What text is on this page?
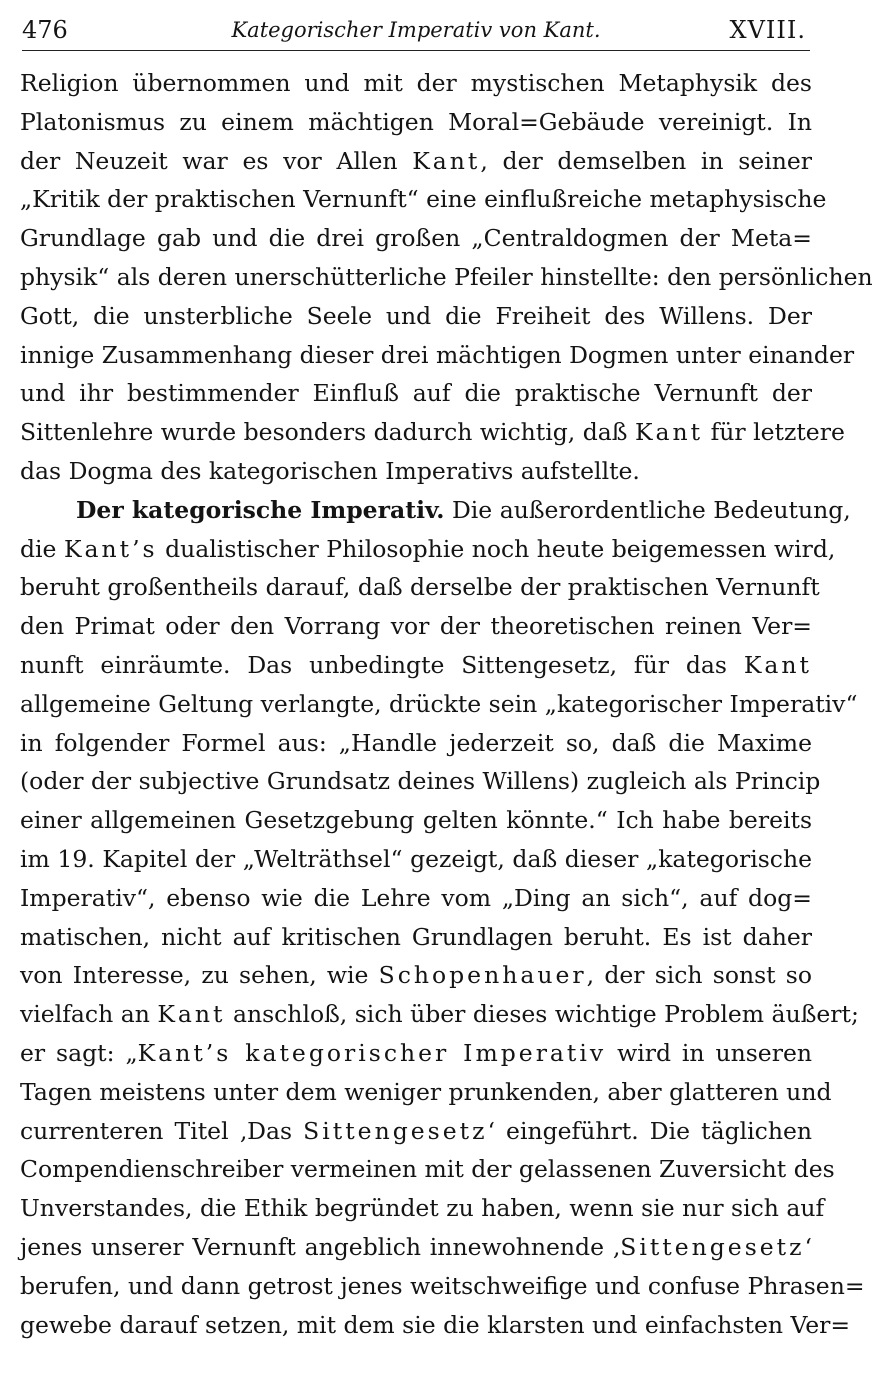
476	Kategorischer Imperativ von Kant.	XVIII.
Religion übernommen und mit der mystischen Metaphysik des
Platonismus zu einem mächtigen Moral=Gebäude vereinigt. In
der Neuzeit war es vor Allen Kant, der demselben in seiner
„Kritik der praktischen Vernunft“ eine einflußreiche metaphysische
Grundlage gab und die drei großen „Centraldogmen der Meta=
physik“ als deren unerschütterliche Pfeiler hinstellte: den persönlichen
Gott, die unsterbliche Seele und die Freiheit des Willens. Der
innige Zusammenhang dieser drei mächtigen Dogmen unter einander
und ihr bestimmender Einfluß auf die praktische Vernunft der
Sittenlehre wurde besonders dadurch wichtig, daß Kant für letztere
das Dogma des kategorischen Imperativs aufstellte.
Der kategorische Imperativ. Die außerordentliche Bedeutung,
die Kant’s dualistischer Philosophie noch heute beigemessen wird,
beruht großentheils darauf, daß derselbe der praktischen Vernunft
den Primat oder den Vorrang vor der theoretischen reinen Ver=
nunft einräumte. Das unbedingte Sittengesetz, für das Kant
allgemeine Geltung verlangte, drückte sein „kategorischer Imperativ“
in folgender Formel aus: „Handle jederzeit so, daß die Maxime
(oder der subjective Grundsatz deines Willens) zugleich als Princip
einer allgemeinen Gesetzgebung gelten könnte.“ Ich habe bereits
im 19. Kapitel der „Welträthsel“ gezeigt, daß dieser „kategorische
Imperativ“, ebenso wie die Lehre vom „Ding an sich“, auf dog=
matischen, nicht auf kritischen Grundlagen beruht. Es ist daher
von Interesse, zu sehen, wie Schopenhauer, der sich sonst so
vielfach an Kant anschloß, sich über dieses wichtige Problem äußert;
er sagt: „Kant’s kategorischer Imperativ wird in unseren
Tagen meistens unter dem weniger prunkenden, aber glatteren und
currenteren Titel ‚Das Sittengesetz‘ eingeführt. Die täglichen
Compendienschreiber vermeinen mit der gelassenen Zuversicht des
Unverstandes, die Ethik begründet zu haben, wenn sie nur sich auf
jenes unserer Vernunft angeblich innewohnende ‚Sittengesetz‘
berufen, und dann getrost jenes weitschweifige und confuse Phrasen=
gewebe darauf setzen, mit dem sie die klarsten und einfachsten Ver=
